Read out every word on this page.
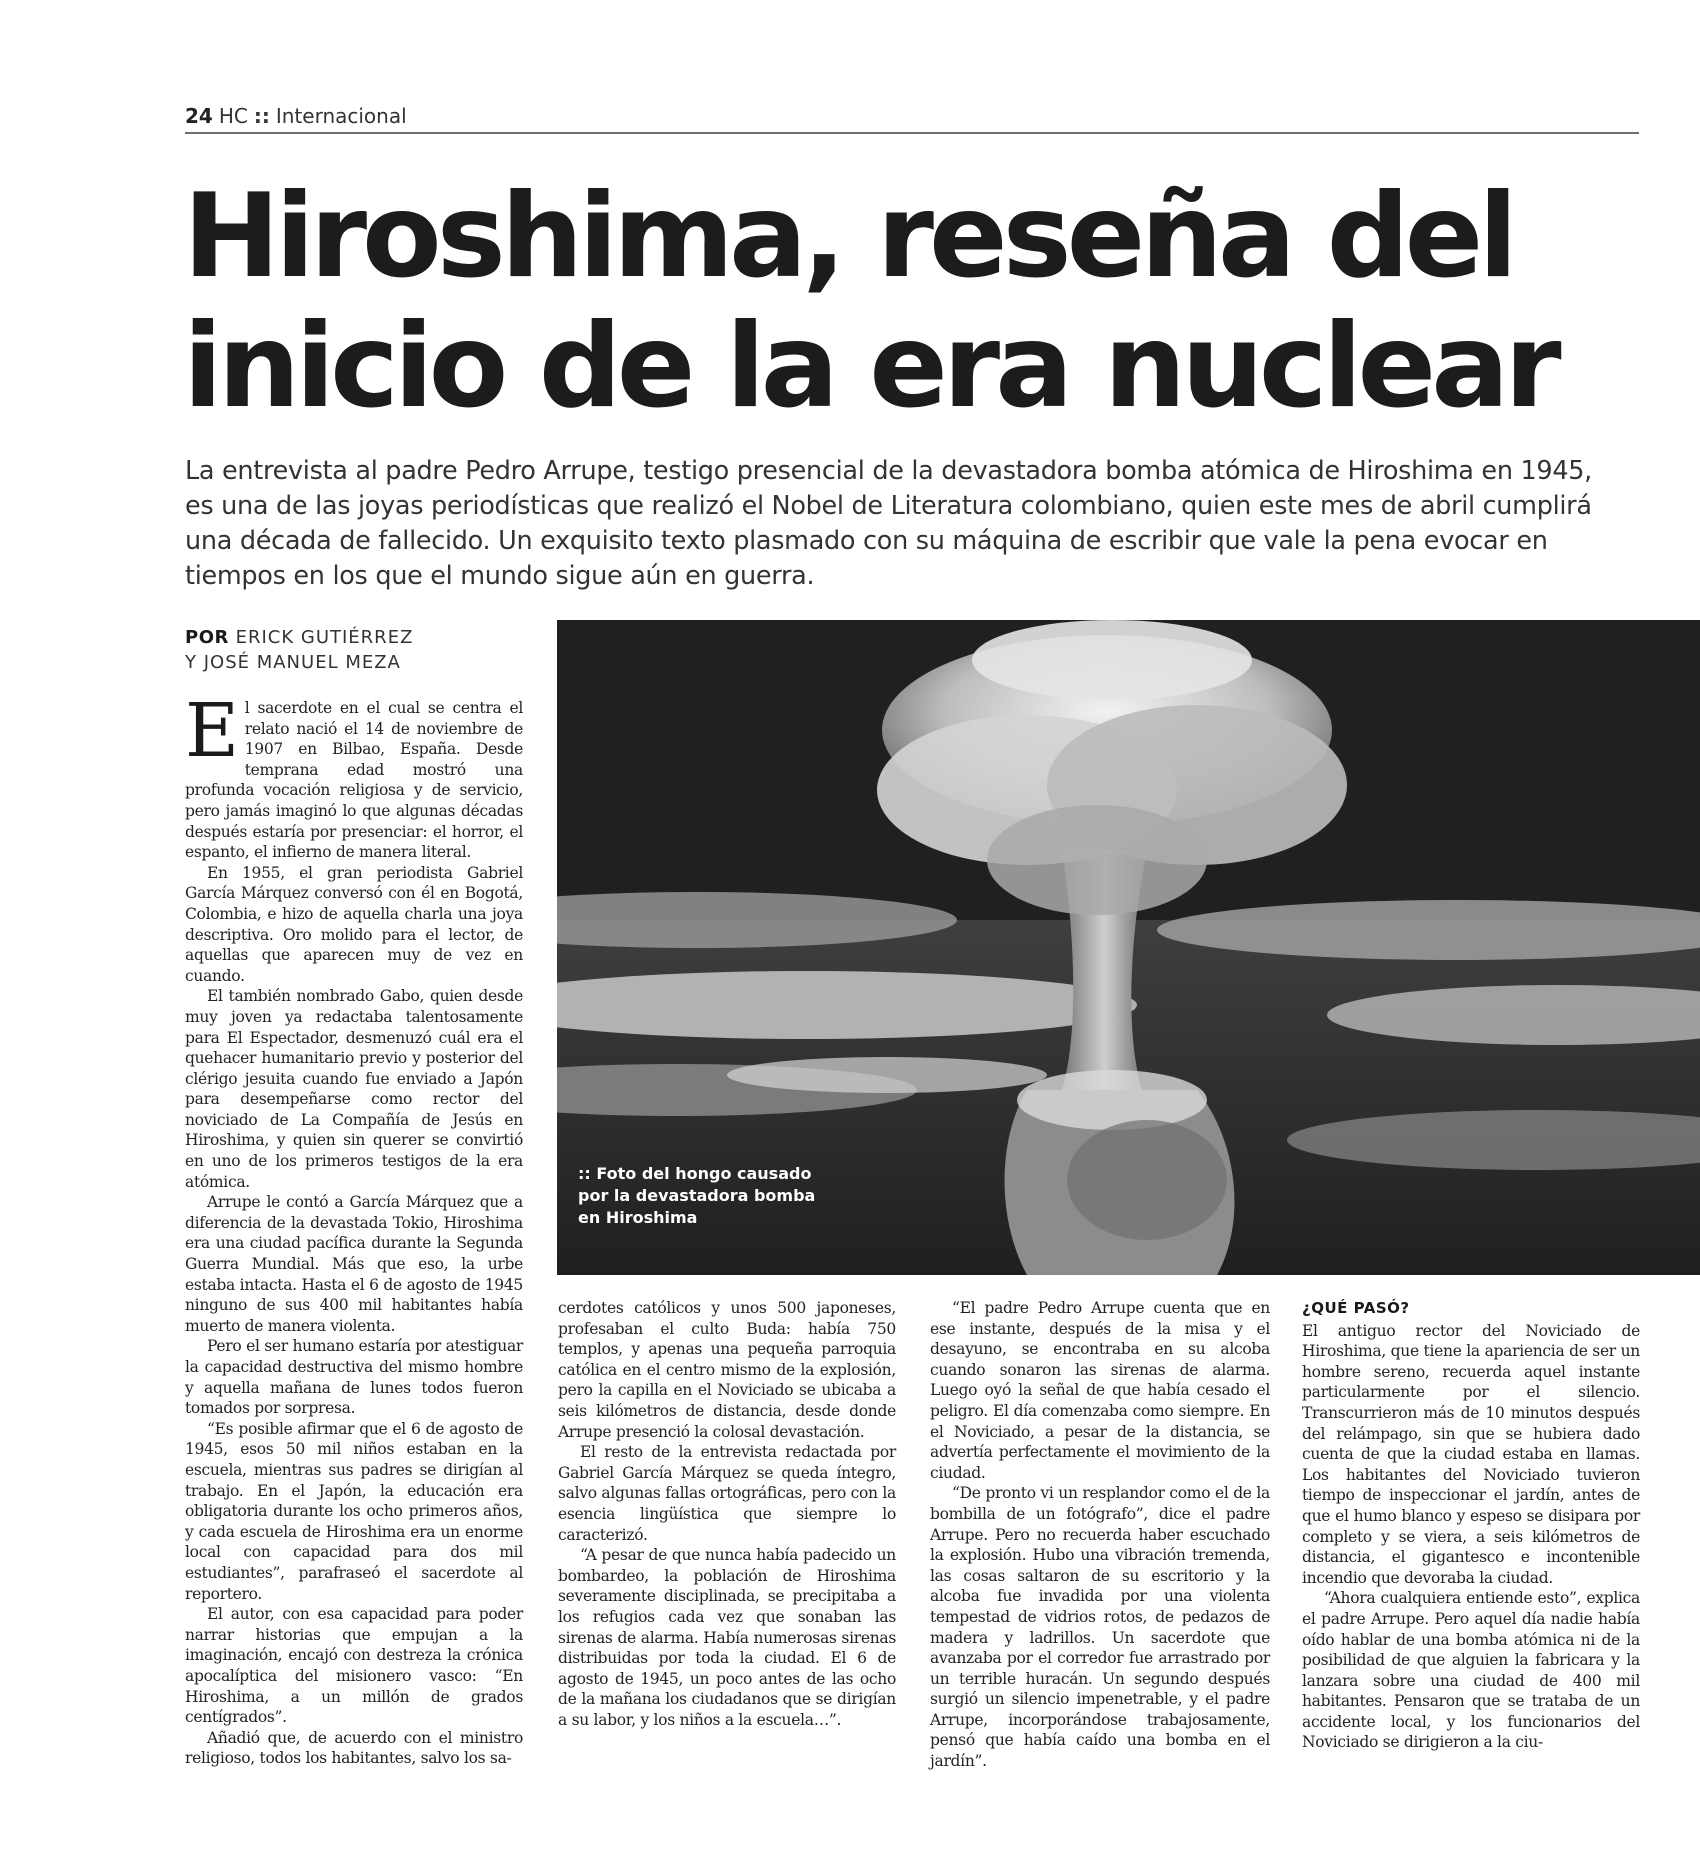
24 HC :: Internacional
Hiroshima, reseña del
inicio de la era nuclear
La entrevista al padre Pedro Arrupe, testigo presencial de la devastadora bomba atómica de Hiroshima en 1945, es una de las joyas periodísticas que realizó el Nobel de Literatura colombiano, quien este mes de abril cumplirá una década de fallecido. Un exquisito texto plasmado con su máquina de escribir que vale la pena evocar en tiempos en los que el mundo sigue aún en guerra.
POR ERICK GUTIÉRREZ
Y JOSÉ MANUEL MEZA
:: Foto del hongo causado por la devastadora bomba en Hiroshima

El sacerdote en el cual se centra el relato nació el 14 de noviembre de 1907 en Bilbao, España. Desde temprana edad mostró una profunda vocación religiosa y de servicio, pero jamás imaginó lo que algunas décadas después estaría por presenciar: el horror, el espanto, el infierno de manera literal.

En 1955, el gran periodista Gabriel García Márquez conversó con él en Bogotá, Colombia, e hizo de aquella charla una joya descriptiva. Oro molido para el lector, de aquellas que aparecen muy de vez en cuando.

El también nombrado Gabo, quien desde muy joven ya redactaba talentosamente para El Espectador, desmenuzó cuál era el quehacer humanitario previo y posterior del clérigo jesuita cuando fue enviado a Japón para desempeñarse como rector del noviciado de La Compañía de Jesús en Hiroshima, y quien sin querer se convirtió en uno de los primeros testigos de la era atómica.

Arrupe le contó a García Márquez que a diferencia de la devastada Tokio, Hiroshima era una ciudad pacífica durante la Segunda Guerra Mundial. Más que eso, la urbe estaba intacta. Hasta el 6 de agosto de 1945 ninguno de sus 400 mil habitantes había muerto de manera violenta.

Pero el ser humano estaría por atestiguar la capacidad destructiva del mismo hombre y aquella mañana de lunes todos fueron tomados por sorpresa.

“Es posible afirmar que el 6 de agosto de 1945, esos 50 mil niños estaban en la escuela, mientras sus padres se dirigían al trabajo. En el Japón, la educación era obligatoria durante los ocho primeros años, y cada escuela de Hiroshima era un enorme local con capacidad para dos mil estudiantes”, parafraseó el sacerdote al reportero.

El autor, con esa capacidad para poder narrar historias que empujan a la imaginación, encajó con destreza la crónica apocalíptica del misionero vasco: “En Hiroshima, a un millón de grados centígrados”.

Añadió que, de acuerdo con el ministro religioso, todos los habitantes, salvo los sa-

cerdotes católicos y unos 500 japoneses, profesaban el culto Buda: había 750 templos, y apenas una pequeña parroquia católica en el centro mismo de la explosión, pero la capilla en el Noviciado se ubicaba a seis kilómetros de distancia, desde donde Arrupe presenció la colosal devastación.

El resto de la entrevista redactada por Gabriel García Márquez se queda íntegro, salvo algunas fallas ortográficas, pero con la esencia lingüística que siempre lo caracterizó.

“A pesar de que nunca había padecido un bombardeo, la población de Hiroshima severamente disciplinada, se precipitaba a los refugios cada vez que sonaban las sirenas de alarma. Había numerosas sirenas distribuidas por toda la ciudad. El 6 de agosto de 1945, un poco antes de las ocho de la mañana los ciudadanos que se dirigían a su labor, y los niños a la escuela…”.

“El padre Pedro Arrupe cuenta que en ese instante, después de la misa y el desayuno, se encontraba en su alcoba cuando sonaron las sirenas de alarma. Luego oyó la señal de que había cesado el peligro. El día comenzaba como siempre. En el Noviciado, a pesar de la distancia, se advertía perfectamente el movimiento de la ciudad.

“De pronto vi un resplandor como el de la bombilla de un fotógrafo”, dice el padre Arrupe. Pero no recuerda haber escuchado la explosión. Hubo una vibración tremenda, las cosas saltaron de su escritorio y la alcoba fue invadida por una violenta tempestad de vidrios rotos, de pedazos de madera y ladrillos. Un sacerdote que avanzaba por el corredor fue arrastrado por un terrible huracán. Un segundo después surgió un silencio impenetrable, y el padre Arrupe, incorporándose trabajosamente, pensó que había caído una bomba en el jardín”.

¿QUÉ PASÓ?

El antiguo rector del Noviciado de Hiroshima, que tiene la apariencia de ser un hombre sereno, recuerda aquel instante particularmente por el silencio. Transcurrieron más de 10 minutos después del relámpago, sin que se hubiera dado cuenta de que la ciudad estaba en llamas. Los habitantes del Noviciado tuvieron tiempo de inspeccionar el jardín, antes de que el humo blanco y espeso se disipara por completo y se viera, a seis kilómetros de distancia, el gigantesco e incontenible incendio que devoraba la ciudad.

“Ahora cualquiera entiende esto”, explica el padre Arrupe. Pero aquel día nadie había oído hablar de una bomba atómica ni de la posibilidad de que alguien la fabricara y la lanzara sobre una ciudad de 400 mil habitantes. Pensaron que se trataba de un accidente local, y los funcionarios del Noviciado se dirigieron a la ciu-
